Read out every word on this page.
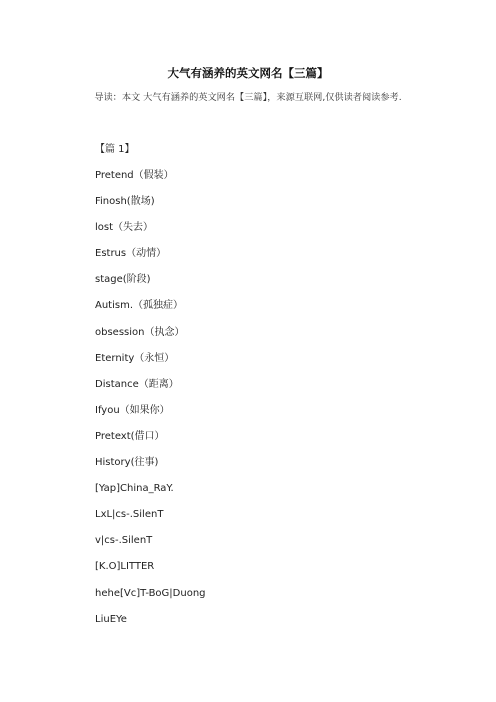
大气有涵养的英文网名【三篇】
导读：本文 大气有涵养的英文网名【三篇】，来源互联网,仅供读者阅读参考.
【篇 1】
Pretend（假装）
Finosh(散场)
lost（失去）
Estrus（动情）
stage(阶段)
Autism.（孤独症）
obsession（执念）
Eternity（永恒）
Distance（距离）
Ifyou（如果你）
Pretext(借口）
History(往事)
[Yap]China_RaY.
LxL|cs-.SilenT
v|cs-.SilenT
[K.O]LITTER
hehe[Vc]T-BoG|Duong
LiuEYe
